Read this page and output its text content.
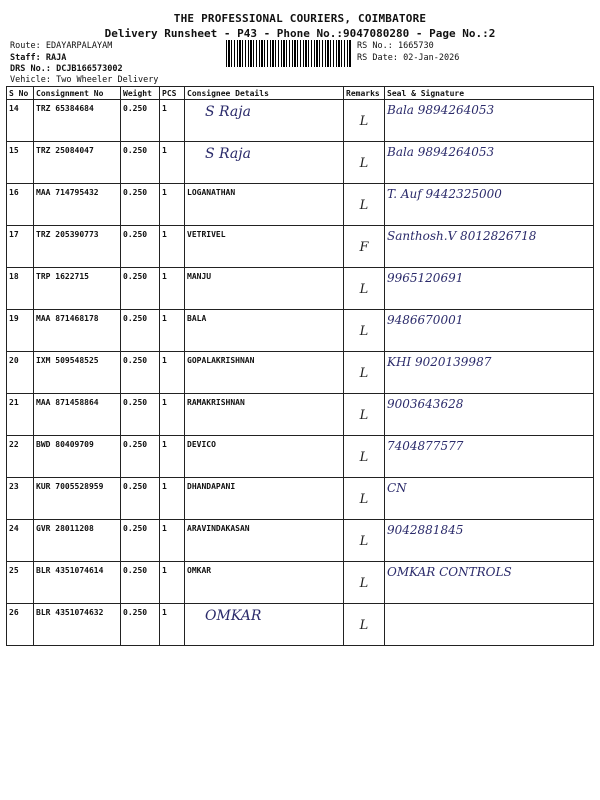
THE PROFESSIONAL COURIERS, COIMBATORE
Delivery Runsheet - P43 - Phone No.:9047080280 - Page No.:2
Route: EDAYARPALAYAM
Staff: RAJA
DRS No.: DCJB166573002
Vehicle: Two Wheeler Delivery
RS No.: 1665730
RS Date: 02-Jan-2026
S No	Consignment No	Weight	PCS	Consignee Details	Remarks	Seal & Signature
14	TRZ 65384684	0.250	1	S Raja	L	Bala 9894264053

15	TRZ 25084047	0.250	1	S Raja	L	Bala 9894264053

16	MAA 714795432	0.250	1	LOGANATHAN	L	T. Auf 9442325000

17	TRZ 205390773	0.250	1	VETRIVEL	F	Santhosh.V 8012826718

18	TRP 1622715	0.250	1	MANJU	L	9965120691

19	MAA 871468178	0.250	1	BALA	L	9486670001

20	IXM 509548525	0.250	1	GOPALAKRISHNAN	L	KHI 9020139987

21	MAA 871458864	0.250	1	RAMAKRISHNAN	L	9003643628

22	BWD 80409709	0.250	1	DEVICO	L	7404877577

23	KUR 7005528959	0.250	1	DHANDAPANI	L	CN

24	GVR 28011208	0.250	1	ARAVINDAKASAN	L	9042881845

25	BLR 4351074614	0.250	1	OMKAR	L	OMKAR CONTROLS

26	BLR 4351074632	0.250	1	OMKAR	L	
